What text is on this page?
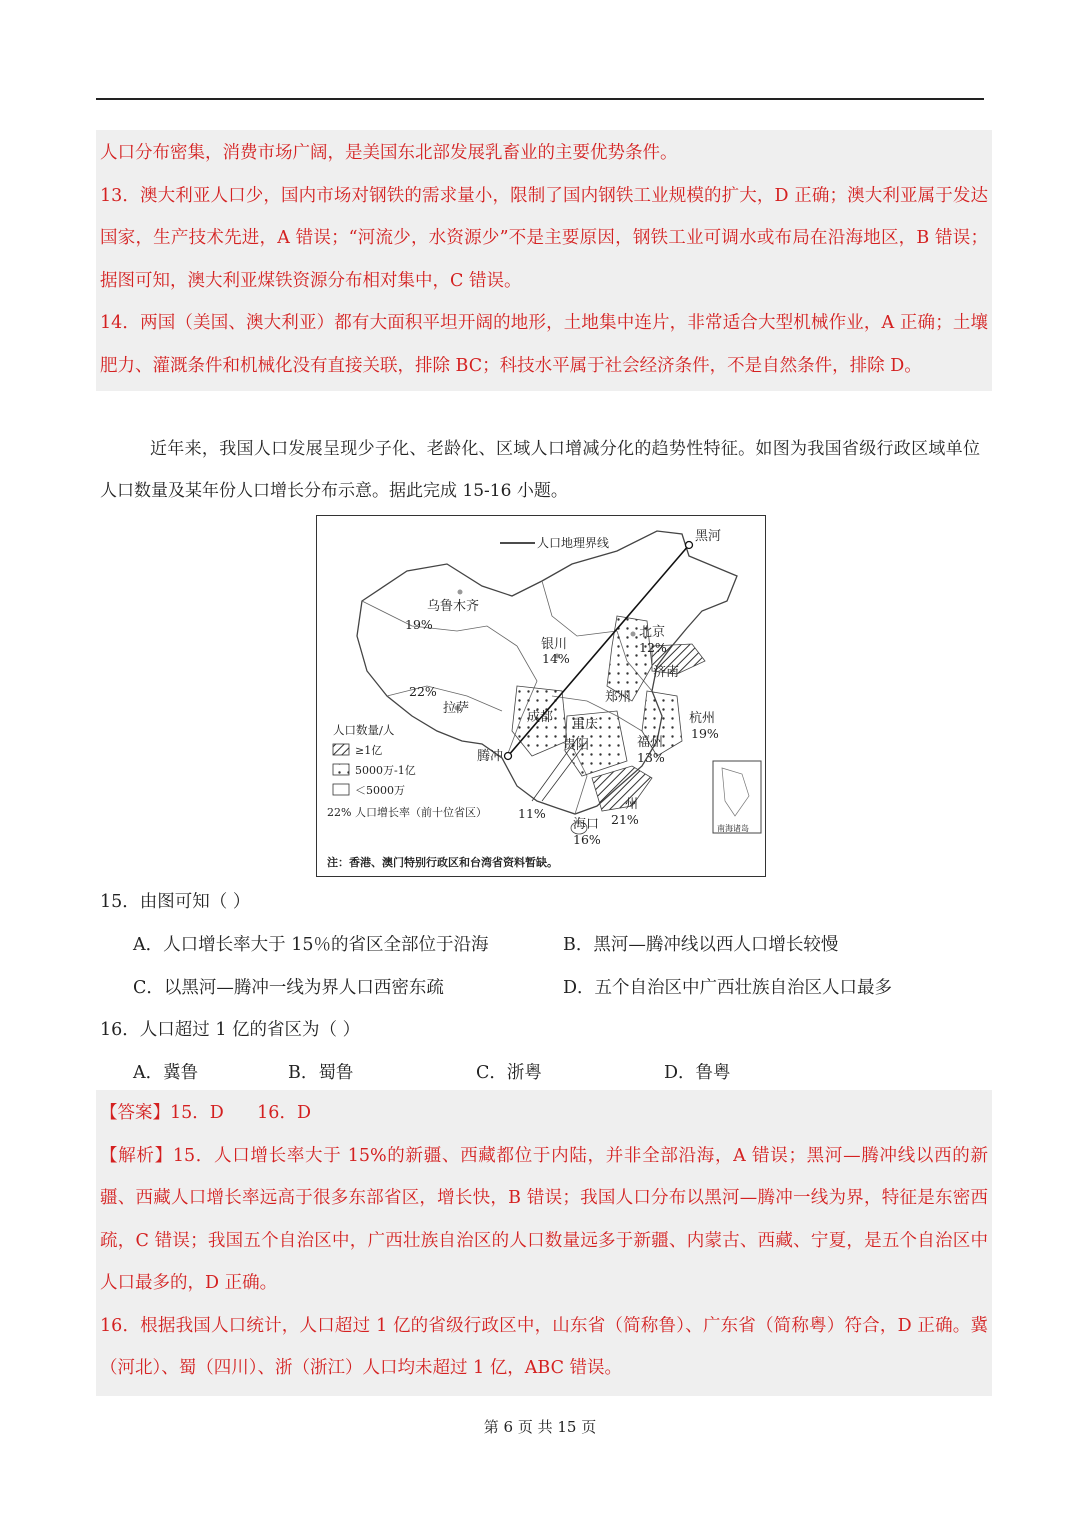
人口分布密集，消费市场广阔，是美国东北部发展乳畜业的主要优势条件。

13．澳大利亚人口少，国内市场对钢铁的需求量小，限制了国内钢铁工业规模的扩大，D 正确；澳大利亚属于发达国家，生产技术先进，A 错误；“河流少，水资源少”不是主要原因，钢铁工业可调水或布局在沿海地区，B 错误；据图可知，澳大利亚煤铁资源分布相对集中，C 错误。

14．两国（美国、澳大利亚）都有大面积平坦开阔的地形，土地集中连片，非常适合大型机械作业，A 正确；土壤肥力、灌溉条件和机械化没有直接关联，排除 BC；科技水平属于社会经济条件，不是自然条件，排除 D。

近年来，我国人口发展呈现少子化、老龄化、区域人口增减分化的趋势性特征。如图为我国省级行政区域单位人口数量及某年份人口增长分布示意。据此完成 15-16 小题。

人口地理界线	黑河
乌鲁木齐
银川
北京
济南
郑州
拉萨
成都 重庆	杭州
腾冲
贵阳	福州
州
海口
19%
14%
12%
22%
19%
13%
11%	21%
16%
人口数量/人
≥1亿
5000万-1亿
＜5000万
22% 人口增长率（前十位省区）
南海诸岛
注：香港、澳门特别行政区和台湾省资料暂缺。
15．由图可知（ ）
A．人口增长率大于 15％的省区全部位于沿海	B．黑河—腾冲线以西人口增长较慢
C．以黑河—腾冲一线为界人口西密东疏	D．五个自治区中广西壮族自治区人口最多
16．人口超过 1 亿的省区为（ ）
A．冀鲁	B．蜀鲁	C．浙粤	D．鲁粤

【答案】15．D      16．D

【解析】15．人口增长率大于 15%的新疆、西藏都位于内陆，并非全部沿海，A 错误；黑河—腾冲线以西的新疆、西藏人口增长率远高于很多东部省区，增长快，B 错误；我国人口分布以黑河—腾冲一线为界，特征是东密西疏，C 错误；我国五个自治区中，广西壮族自治区的人口数量远多于新疆、内蒙古、西藏、宁夏，是五个自治区中人口最多的，D 正确。

16．根据我国人口统计，人口超过 1 亿的省级行政区中，山东省（简称鲁）、广东省（简称粤）符合，D 正确。冀（河北）、蜀（四川）、浙（浙江）人口均未超过 1 亿，ABC 错误。

第 6 页 共 15 页
